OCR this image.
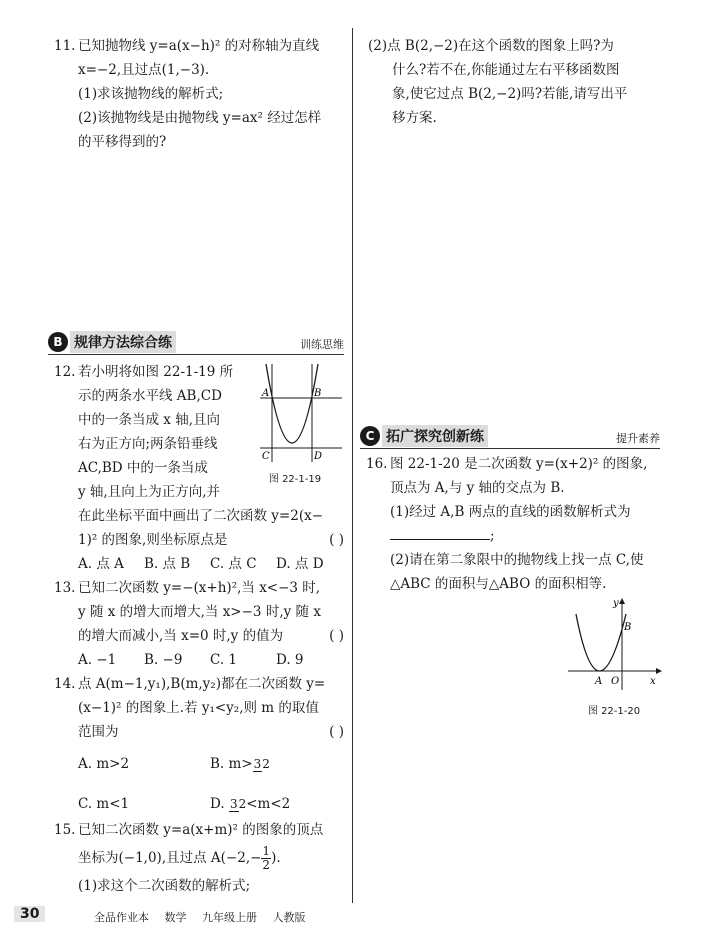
11. 已知抛物线 y=a(x−h)² 的对称轴为直线

x=−2,且过点(1,−3).

(1)求该抛物线的解析式;

(2)该抛物线是由抛物线 y=ax² 经过怎样

的平移得到的?

(2)点 B(2,−2)在这个函数的图象上吗?为

什么?若不在,你能通过左右平移函数图

象,使它过点 B(2,−2)吗?若能,请写出平

移方案.

B 规律方法综合练	训练思维

12. 若小明将如图 22-1-19 所

示的两条水平线 AB,CD

中的一条当成 x 轴,且向

右为正方向;两条铅垂线

AC,BD 中的一条当成

y 轴,且向上为正方向,并

A	B
C	D
图 22-1-19

在此坐标平面中画出了二次函数 y=2(x−

1)² 的图象,则坐标原点是	( )

A. 点 A	B. 点 B	C. 点 C	D. 点 D

13. 已知二次函数 y=−(x+h)²,当 x<−3 时,

y 随 x 的增大而增大,当 x>−3 时,y 随 x

的增大而减小,当 x=0 时,y 的值为	( )

A. −1	B. −9	C. 1	D. 9

14. 点 A(m−1,y₁),B(m,y₂)都在二次函数 y=

(x−1)² 的图象上.若 y₁<y₂,则 m 的取值

范围为	( )

A. m>2	B. m>32

C. m<1	D. 32<m<2

15. 已知二次函数 y=a(x+m)² 的图象的顶点

坐标为(−1,0),且过点 $A(-2,- \frac{1}{2}$ ).

(1)求这个二次函数的解析式;

C 拓广探究创新练	提升素养

16. 图 22-1-20 是二次函数 y=(x+2)² 的图象,

顶点为 A,与 y 轴的交点为 B.

(1)经过 A,B 两点的直线的函数解析式为

;

(2)请在第二象限中的抛物线上找一点 C,使

△ABC 的面积与△ABO 的面积相等.

y
x
B
A O
图 22-1-20
30	全品作业本 数学 九年级上册 人教版
